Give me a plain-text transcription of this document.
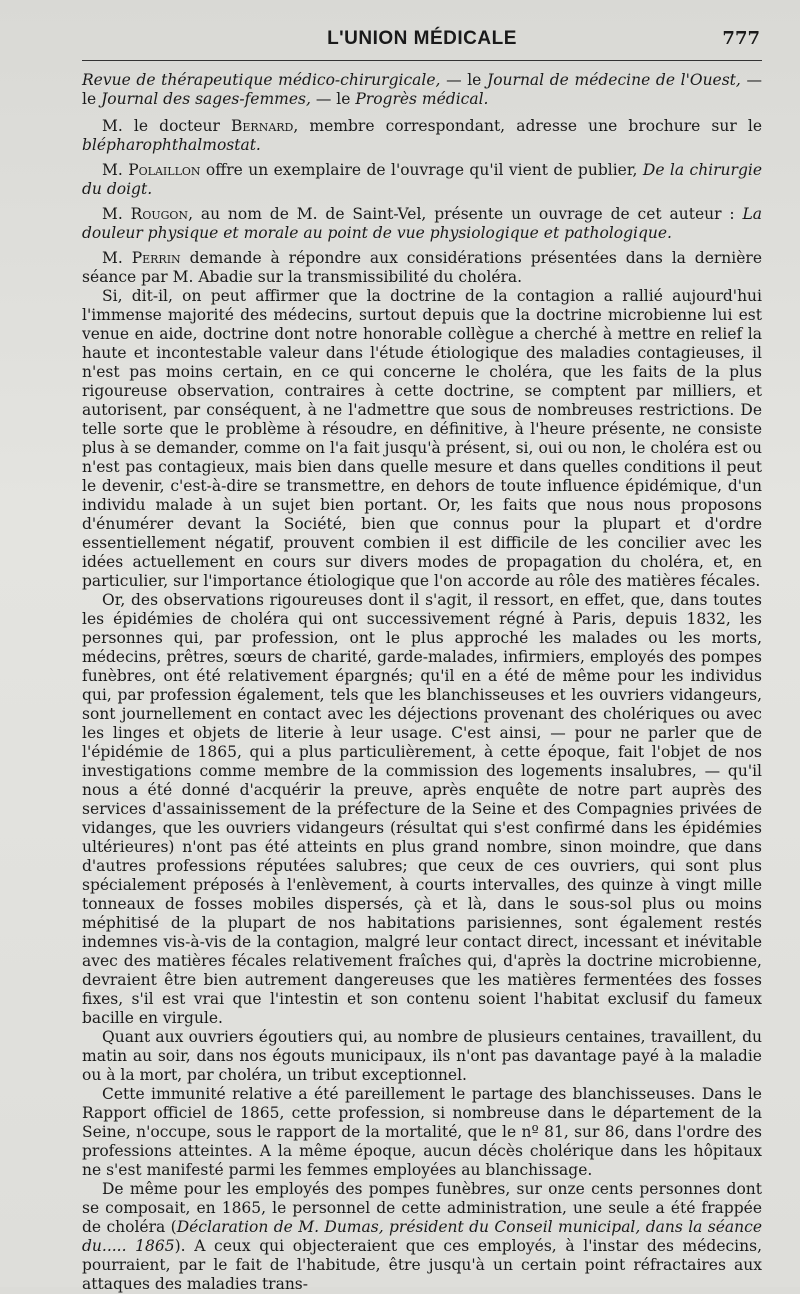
L'UNION MÉDICALE	777

Revue de thérapeutique médico-chirurgicale, — le Journal de médecine de l'Ouest, — le Journal des sages-femmes, — le Progrès médical.

M. le docteur Bernard, membre correspondant, adresse une brochure sur le blépharophthalmostat.

M. Polaillon offre un exemplaire de l'ouvrage qu'il vient de publier, De la chirurgie du doigt.

M. Rougon, au nom de M. de Saint-Vel, présente un ouvrage de cet auteur : La douleur physique et morale au point de vue physiologique et pathologique.

M. Perrin demande à répondre aux considérations présentées dans la dernière séance par M. Abadie sur la transmissibilité du choléra.

Si, dit-il, on peut affirmer que la doctrine de la contagion a rallié aujourd'hui l'immense majorité des médecins, surtout depuis que la doctrine microbienne lui est venue en aide, doctrine dont notre honorable collègue a cherché à mettre en relief la haute et incontestable valeur dans l'étude étiologique des maladies contagieuses, il n'est pas moins certain, en ce qui concerne le choléra, que les faits de la plus rigoureuse observation, contraires à cette doctrine, se comptent par milliers, et autorisent, par conséquent, à ne l'admettre que sous de nombreuses restrictions. De telle sorte que le problème à résoudre, en définitive, à l'heure présente, ne consiste plus à se demander, comme on l'a fait jusqu'à présent, si, oui ou non, le choléra est ou n'est pas contagieux, mais bien dans quelle mesure et dans quelles conditions il peut le devenir, c'est-à-dire se transmettre, en dehors de toute influence épidémique, d'un individu malade à un sujet bien portant. Or, les faits que nous nous proposons d'énumérer devant la Société, bien que connus pour la plupart et d'ordre essentiellement négatif, prouvent combien il est difficile de les concilier avec les idées actuellement en cours sur divers modes de propagation du choléra, et, en particulier, sur l'importance étiologique que l'on accorde au rôle des matières fécales.

Or, des observations rigoureuses dont il s'agit, il ressort, en effet, que, dans toutes les épidémies de choléra qui ont successivement régné à Paris, depuis 1832, les personnes qui, par profession, ont le plus approché les malades ou les morts, médecins, prêtres, sœurs de charité, garde-malades, infirmiers, employés des pompes funèbres, ont été relativement épargnés; qu'il en a été de même pour les individus qui, par profession également, tels que les blanchisseuses et les ouvriers vidangeurs, sont journellement en contact avec les déjections provenant des cholériques ou avec les linges et objets de literie à leur usage. C'est ainsi, — pour ne parler que de l'épidémie de 1865, qui a plus particulièrement, à cette époque, fait l'objet de nos investigations comme membre de la commission des logements insalubres, — qu'il nous a été donné d'acquérir la preuve, après enquête de notre part auprès des services d'assainissement de la préfecture de la Seine et des Compagnies privées de vidanges, que les ouvriers vidangeurs (résultat qui s'est confirmé dans les épidémies ultérieures) n'ont pas été atteints en plus grand nombre, sinon moindre, que dans d'autres professions réputées salubres; que ceux de ces ouvriers, qui sont plus spécialement préposés à l'enlèvement, à courts intervalles, des quinze à vingt mille tonneaux de fosses mobiles dispersés, çà et là, dans le sous-sol plus ou moins méphitisé de la plupart de nos habitations parisiennes, sont également restés indemnes vis-à-vis de la contagion, malgré leur contact direct, incessant et inévitable avec des matières fécales relativement fraîches qui, d'après la doctrine microbienne, devraient être bien autrement dangereuses que les matières fermentées des fosses fixes, s'il est vrai que l'intestin et son contenu soient l'habitat exclusif du fameux bacille en virgule.

Quant aux ouvriers égoutiers qui, au nombre de plusieurs centaines, travaillent, du matin au soir, dans nos égouts municipaux, ils n'ont pas davantage payé à la maladie ou à la mort, par choléra, un tribut exceptionnel.

Cette immunité relative a été pareillement le partage des blanchisseuses. Dans le Rapport officiel de 1865, cette profession, si nombreuse dans le département de la Seine, n'occupe, sous le rapport de la mortalité, que le nº 81, sur 86, dans l'ordre des professions atteintes. A la même époque, aucun décès cholérique dans les hôpitaux ne s'est manifesté parmi les femmes employées au blanchissage.

De même pour les employés des pompes funèbres, sur onze cents personnes dont se composait, en 1865, le personnel de cette administration, une seule a été frappée de choléra (Déclaration de M. Dumas, président du Conseil municipal, dans la séance du..... 1865). A ceux qui objecteraient que ces employés, à l'instar des médecins, pourraient, par le fait de l'habitude, être jusqu'à un certain point réfractaires aux attaques des maladies trans-
